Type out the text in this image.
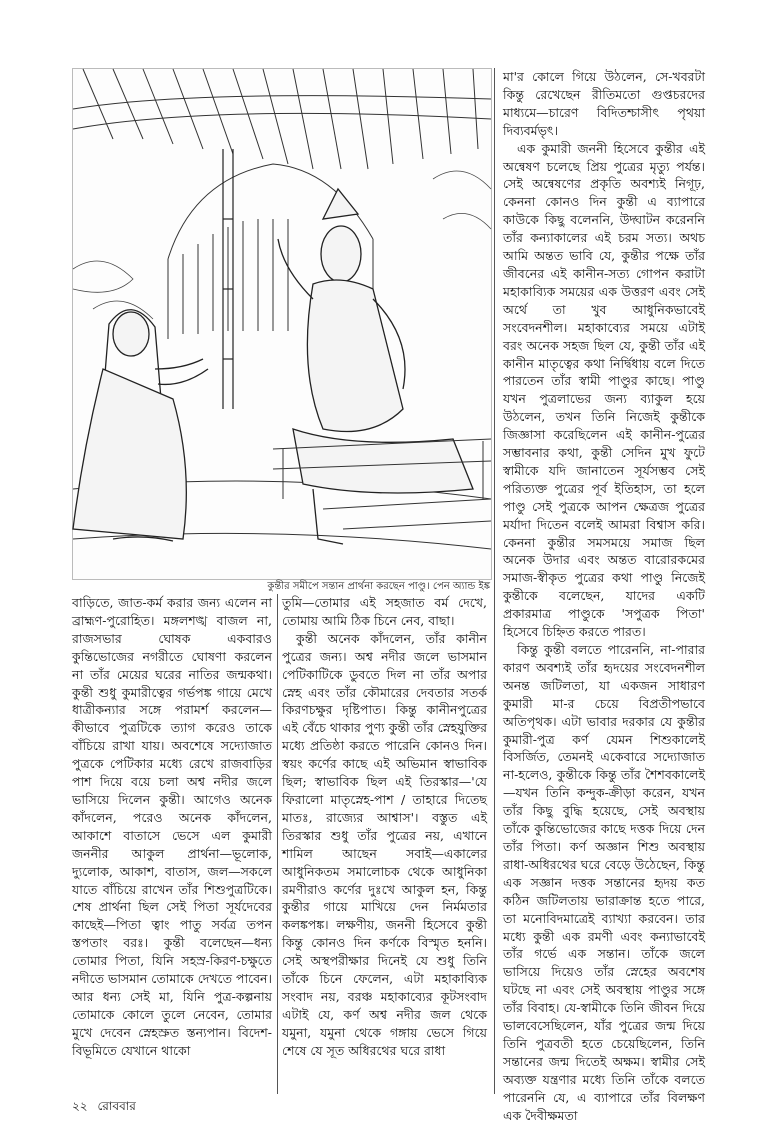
কুন্তীর সমীপে সন্তান প্রার্থনা করছেন পাণ্ডু। পেন অ্যান্ড ইঙ্ক

মা'র কোলে গিয়ে উঠলেন, সে-খবরটা কিন্তু রেখেছেন রীতিমতো গুপ্তচরদের মাধ্যমে—চারেণ বিদিতশ্চাসীৎ পৃথয়া দিব্যবর্মভৃৎ।

এক কুমারী জননী হিসেবে কুন্তীর এই অন্বেষণ চলেছে প্রিয় পুত্রের মৃত্যু পর্যন্ত। সেই অন্বেষণের প্রকৃতি অবশ্যই নিগূঢ়, কেননা কোনও দিন কুন্তী এ ব্যাপারে কাউকে কিছু বলেননি, উদ্ঘাটন করেননি তাঁর কন্যাকালের এই চরম সত্য। অথচ আমি অন্তত ভাবি যে, কুন্তীর পক্ষে তাঁর জীবনের এই কানীন-সত্য গোপন করাটা মহাকাব্যিক সময়ের এক উত্তরণ এবং সেই অর্থে তা খুব আধুনিকভাবেই সংবেদনশীল। মহাকাব্যের সময়ে এটাই বরং অনেক সহজ ছিল যে, কুন্তী তাঁর এই কানীন মাতৃত্বের কথা নির্দ্বিধায় বলে দিতে পারতেন তাঁর স্বামী পাণ্ডুর কাছে। পাণ্ডু যখন পুত্রলাভের জন্য ব্যাকুল হয়ে উঠলেন, তখন তিনি নিজেই কুন্তীকে জিজ্ঞাসা করেছিলেন এই কানীন-পুত্রের সম্ভাবনার কথা, কুন্তী সেদিন মুখ ফুটে স্বামীকে যদি জানাতেন সূর্যসম্ভব সেই পরিত্যক্ত পুত্রের পূর্ব ইতিহাস, তা হলে পাণ্ডু সেই পুত্রকে আপন ক্ষেত্রজ পুত্রের মর্যাদা দিতেন বলেই আমরা বিশ্বাস করি। কেননা কুন্তীর সমসময়ে সমাজ ছিল অনেক উদার এবং অন্তত বারোরকমের সমাজ-স্বীকৃত পুত্রের কথা পাণ্ডু নিজেই কুন্তীকে বলেছেন, যাদের একটি প্রকারমাত্র পাণ্ডুকে 'সপুত্রক পিতা' হিসেবে চিহ্নিত করতে পারত।

কিন্তু কুন্তী বলতে পারেননি, না-পারার কারণ অবশ্যই তাঁর হৃদয়ের সংবেদনশীল অনন্ত জটিলতা, যা একজন সাধারণ কুমারী মা-র চেয়ে বিপ্রতীপভাবে অতিপৃথক। এটা ভাবার দরকার যে কুন্তীর কুমারী-পুত্র কর্ণ যেমন শিশুকালেই বিসর্জিত, তেমনই একেবারে সদ্যোজাত না-হলেও, কুন্তীকে কিন্তু তাঁর শৈশবকালেই—যখন তিনি কন্দুক-ক্রীড়া করেন, যখন তাঁর কিছু বুদ্ধি হয়েছে, সেই অবস্থায় তাঁকে কুন্তিভোজের কাছে দত্তক দিয়ে দেন তাঁর পিতা। কর্ণ অজ্ঞান শিশু অবস্থায় রাধা-অধিরথের ঘরে বেড়ে উঠেছেন, কিন্তু এক সজ্ঞান দত্তক সন্তানের হৃদয় কত কঠিন জটিলতায় ভারাক্রান্ত হতে পারে, তা মনোবিদমাত্রেই ব্যাখ্যা করবেন। তার মধ্যে কুন্তী এক রমণী এবং কন্যাভাবেই তাঁর গর্ভে এক সন্তান। তাঁকে জলে ভাসিয়ে দিয়েও তাঁর স্নেহের অবশেষ ঘটছে না এবং সেই অবস্থায় পাণ্ডুর সঙ্গে তাঁর বিবাহ। যে-স্বামীকে তিনি জীবন দিয়ে ভালবেসেছিলেন, যাঁর পুত্রের জন্ম দিয়ে তিনি পুত্রবতী হতে চেয়েছিলেন, তিনি সন্তানের জন্ম দিতেই অক্ষম। স্বামীর সেই অব্যক্ত যন্ত্রণার মধ্যে তিনি তাঁকে বলতে পারেননি যে, এ ব্যাপারে তাঁর বিলক্ষণ এক দৈবীক্ষমতা

বাড়িতে, জাত-কর্ম করার জন্য এলেন না ব্রাহ্মণ-পুরোহিত। মঙ্গলশঙ্খ বাজল না, রাজসভার ঘোষক একবারও কুন্তিভোজের নগরীতে ঘোষণা করলেন না তাঁর মেয়ের ঘরের নাতির জন্মকথা। কুন্তী শুধু কুমারীত্বের গর্ভপঙ্ক গায়ে মেখে ধাত্রীকন্যার সঙ্গে পরামর্শ করলেন—কীভাবে পুত্রটিকে ত্যাগ করেও তাকে বাঁচিয়ে রাখা যায়। অবশেষে সদ্যোজাত পুত্রকে পেটিকার মধ্যে রেখে রাজবাড়ির পাশ দিয়ে বয়ে চলা অশ্ব নদীর জলে ভাসিয়ে দিলেন কুন্তী। আগেও অনেক কাঁদলেন, পরেও অনেক কাঁদলেন, আকাশে বাতাসে ভেসে এল কুমারী জননীর আকুল প্রার্থনা—ভূলোক, দ্যুলোক, আকাশ, বাতাস, জল—সকলে যাতে বাঁচিয়ে রাখেন তাঁর শিশুপুত্রটিকে। শেষ প্রার্থনা ছিল সেই পিতা সূর্যদেবের কাছেই—পিতা ত্বাং পাতু সর্বত্র তপন স্তপতাং বরঃ। কুন্তী বলেছেন—ধন্য তোমার পিতা, যিনি সহস্র-কিরণ-চক্ষুতে নদীতে ভাসমান তোমাকে দেখতে পাবেন। আর ধন্য সেই মা, যিনি পুত্র-কল্পনায় তোমাকে কোলে তুলে নেবেন, তোমার মুখে দেবেন স্নেহস্রুত স্তন্যপান। বিদেশ-বিভূমিতে যেখানে থাকো

তুমি—তোমার এই সহজাত বর্ম দেখে, তোমায় আমি ঠিক চিনে নেব, বাছা।

কুন্তী অনেক কাঁদলেন, তাঁর কানীন পুত্রের জন্য। অশ্ব নদীর জলে ভাসমান পেটিকাটিকে ডুবতে দিল না তাঁর অপার স্নেহ এবং তাঁর কৌমারের দেবতার সতর্ক কিরণচক্ষুর দৃষ্টিপাত। কিন্তু কানীনপুত্রের এই বেঁচে থাকার পুণ্য কুন্তী তাঁর স্নেহযুক্তির মধ্যে প্রতিষ্ঠা করতে পারেনি কোনও দিন। স্বয়ং কর্ণের কাছে এই অভিমান স্বাভাবিক ছিল; স্বাভাবিক ছিল এই তিরস্কার—'যে ফিরালো মাতৃস্নেহ-পাশ / তাহারে দিতেছ মাতঃ, রাজ্যের আশ্বাস'। বস্তুত এই তিরস্কার শুধু তাঁর পুত্রের নয়, এখানে শামিল আছেন সবাই—একালের আধুনিকতম সমালোচক থেকে আধুনিকা রমণীরাও কর্ণের দুঃখে আকুল হন, কিন্তু কুন্তীর গায়ে মাখিয়ে দেন নির্মমতার কলঙ্কপঙ্ক। লক্ষণীয়, জননী হিসেবে কুন্তী কিন্তু কোনও দিন কর্ণকে বিস্মৃত হননি। সেই অস্থপরীক্ষার দিনেই যে শুধু তিনি তাঁকে চিনে ফেলেন, এটা মহাকাব্যিক সংবাদ নয়, বরঞ্চ মহাকাব্যের কূটসংবাদ এটাই যে, কর্ণ অশ্ব নদীর জল থেকে যমুনা, যমুনা থেকে গঙ্গায় ভেসে গিয়ে শেষে যে সূত অধিরথের ঘরে রাধা

২২ রোববার
